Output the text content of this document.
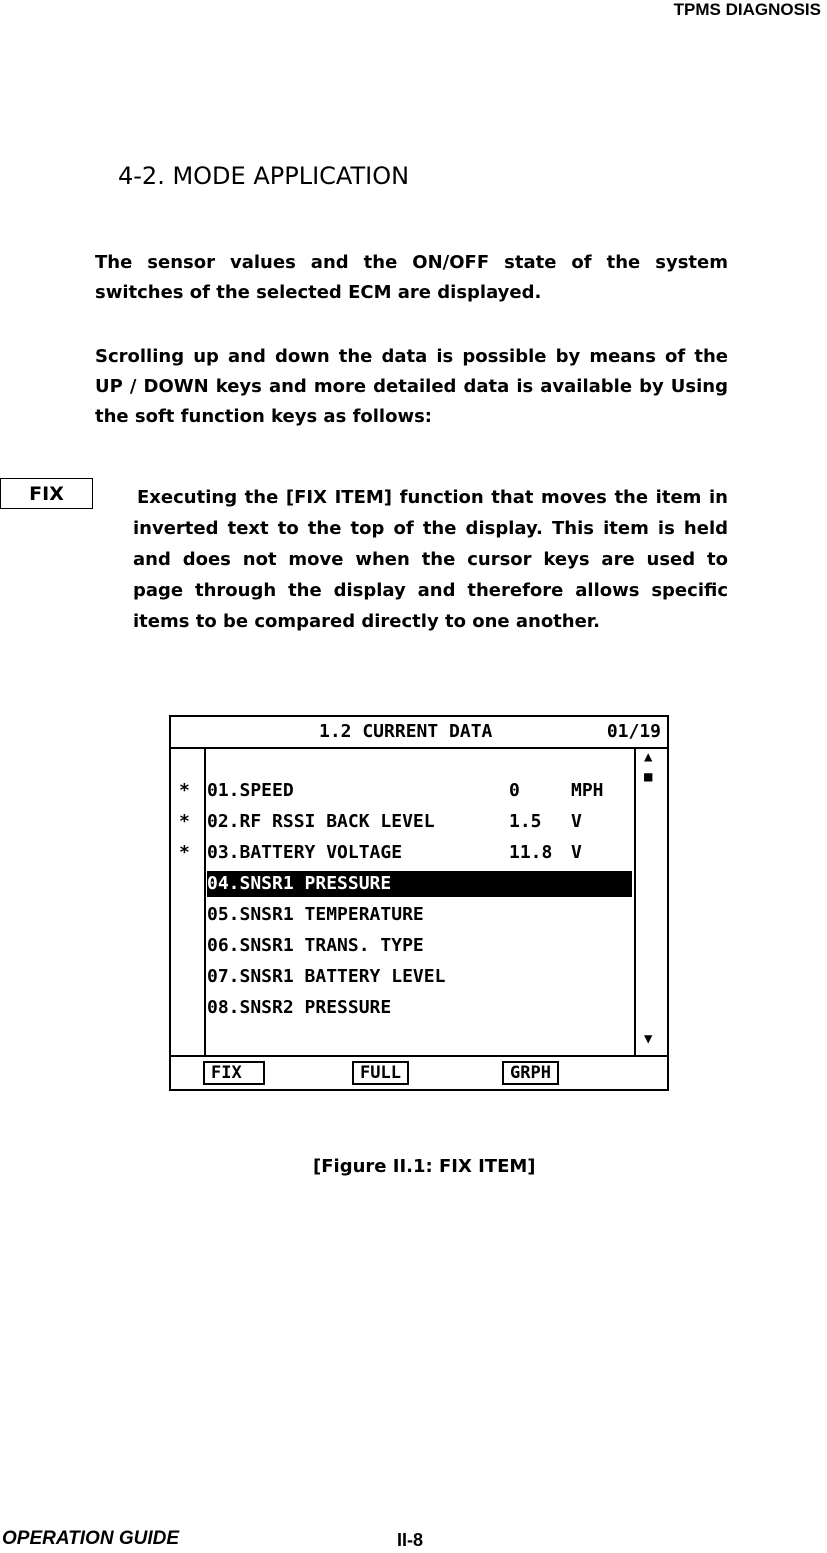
TPMS DIAGNOSIS
4-2. MODE APPLICATION
The sensor values and the ON/OFF state of the system switches of the selected ECM are displayed.
Scrolling up and down the data is possible by means of the UP / DOWN keys and more detailed data is available by Using the soft function keys as follows:
FIX	Executing the [FIX ITEM] function that moves the item in inverted text to the top of the display. This item is held and does not move when the cursor keys are used to page through the display and therefore allows specific items to be compared directly to one another.
1.2 CURRENT DATA	01/19
▲
■
▼
* 01.SPEED	0	MPH
* 02.RF RSSI BACK LEVEL	1.5 V
* 03.BATTERY VOLTAGE	11.8 V
04.SNSR1 PRESSURE
05.SNSR1 TEMPERATURE
06.SNSR1 TRANS. TYPE
07.SNSR1 BATTERY LEVEL
08.SNSR2 PRESSURE
FIX	FULL	GRPH
[Figure II.1: FIX ITEM]
OPERATION GUIDE	II-8
